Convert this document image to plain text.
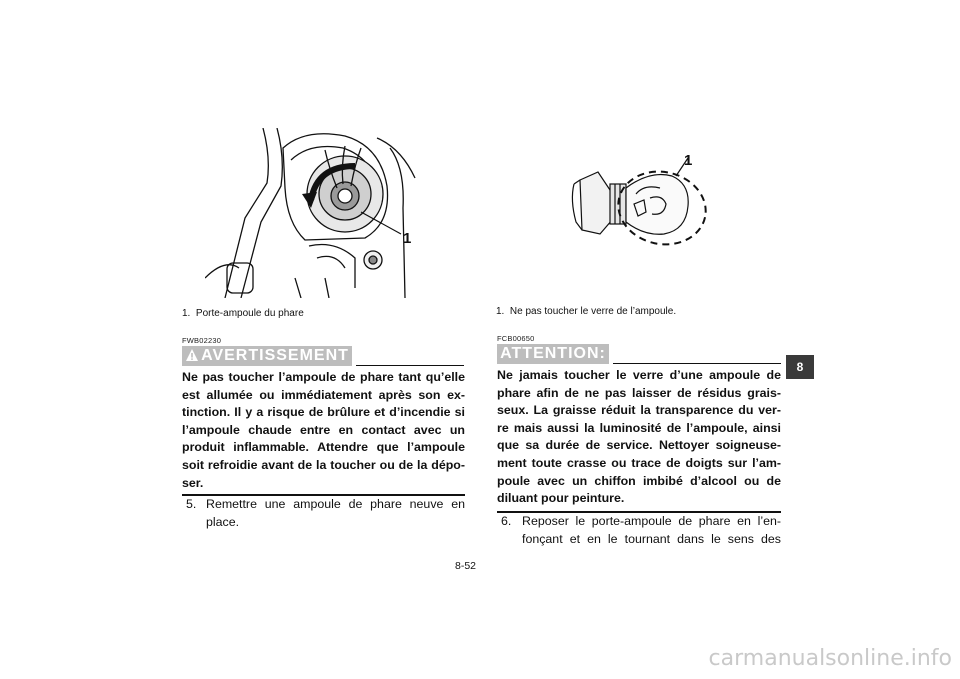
1
1. Porte-ampoule du phare
1
1. Ne pas toucher le verre de l’ampoule.
FWB02230
AVERTISSEMENT
Ne pas toucher l’ampoule de phare tant qu’elle
est allumée ou immédiatement après son ex-
tinction. Il y a risque de brûlure et d’incendie si
l’ampoule chaude entre en contact avec un
produit inflammable. Attendre que l’ampoule
soit refroidie avant de la toucher ou de la dépo-
ser.
5. Remettre une ampoule de phare neuve en
place.
FCB00650
ATTENTION:
Ne jamais toucher le verre d’une ampoule de
phare afin de ne pas laisser de résidus grais-
seux. La graisse réduit la transparence du ver-
re mais aussi la luminosité de l’ampoule, ainsi
que sa durée de service. Nettoyer soigneuse-
ment toute crasse ou trace de doigts sur l’am-
poule avec un chiffon imbibé d’alcool ou de
diluant pour peinture.
6. Reposer le porte-ampoule de phare en l’en-
fonçant et en le tournant dans le sens des
8
8-52
carmanualsonline.info
